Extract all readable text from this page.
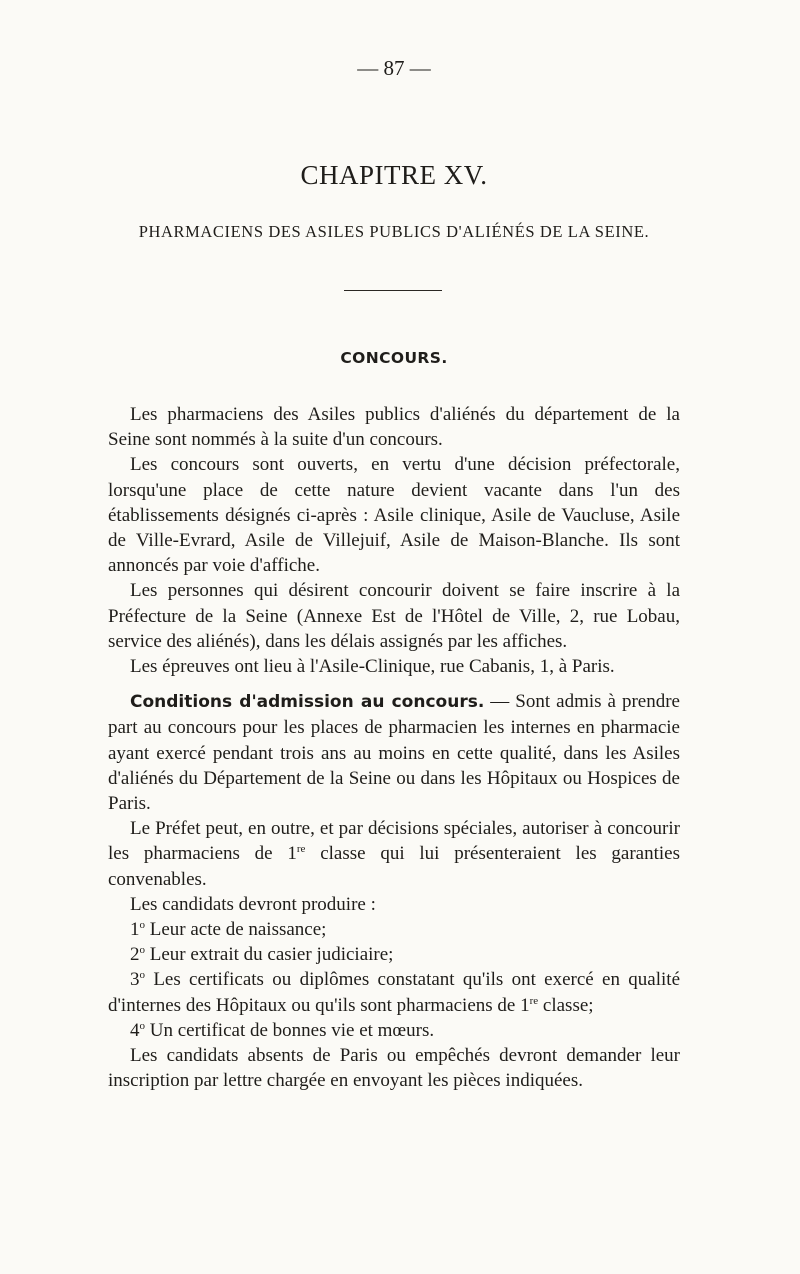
— 87 —
CHAPITRE XV.
PHARMACIENS DES ASILES PUBLICS D'ALIÉNÉS DE LA SEINE.
CONCOURS.

Les pharmaciens des Asiles publics d'aliénés du département de la Seine sont nommés à la suite d'un concours.

Les concours sont ouverts, en vertu d'une décision préfectorale, lorsqu'une place de cette nature devient vacante dans l'un des établissements désignés ci-après : Asile clinique, Asile de Vaucluse, Asile de Ville-Evrard, Asile de Villejuif, Asile de Maison-Blanche. Ils sont annoncés par voie d'affiche.

Les personnes qui désirent concourir doivent se faire inscrire à la Préfecture de la Seine (Annexe Est de l'Hôtel de Ville, 2, rue Lobau, service des aliénés), dans les délais assignés par les affiches.

Les épreuves ont lieu à l'Asile-Clinique, rue Cabanis, 1, à Paris.

Conditions d'admission au concours. — Sont admis à prendre part au concours pour les places de pharmacien les internes en pharmacie ayant exercé pendant trois ans au moins en cette qualité, dans les Asiles d'aliénés du Département de la Seine ou dans les Hôpitaux ou Hospices de Paris.

Le Préfet peut, en outre, et par décisions spéciales, autoriser à concourir les pharmaciens de 1re classe qui lui présenteraient les garanties convenables.

Les candidats devront produire :

1$^o$ Leur acte de naissance;

2$^o$ Leur extrait du casier judiciaire;

3$^o$ Les certificats ou diplômes constatant qu'ils ont exercé en qualité d'internes des Hôpitaux ou qu'ils sont pharmaciens de 1re classe;

4$^o$ Un certificat de bonnes vie et mœurs.

Les candidats absents de Paris ou empêchés devront demander leur inscription par lettre chargée en envoyant les pièces indiquées.
